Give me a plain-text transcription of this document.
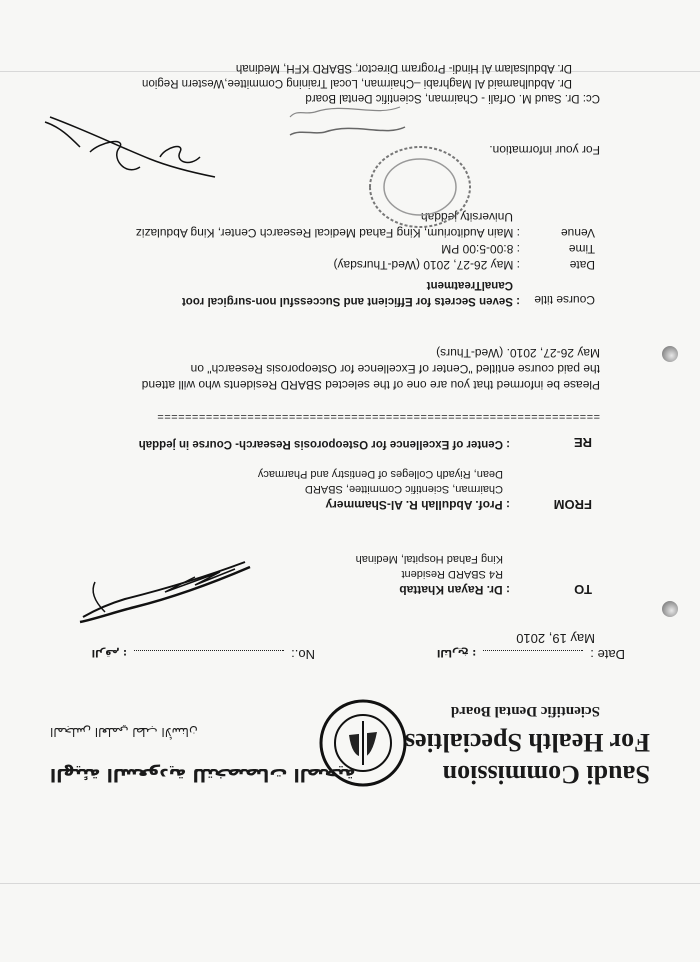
Saudi Commission
For Health Specialties
Scientific Dental Board
الهيئة السعودية للتخصصات الصحية
المجلس العلمي لطب الأسنان
Date :  : التاريخ
No.:  : الرقم
May 19, 2010
TO
: Dr. Rayan Khattab
R4 SBARD Resident
King Fahad Hospital, Medinah
FROM
: Prof. Abdullah R. Al-Shammery
Chairman, Scientific Committee, SBARD
Dean, Riyadh Colleges of Dentistry and Pharmacy
RE
: Center of Excellence for Osteoporosis Research- Course in jeddah
================================================================
Please be informed that you are one of the selected SBARD Residents who will attend
the paid course entitled "Center of Excellence for Osteoporosis Research" on
May 26-27, 2010. (Wed-Thurs)
Course title
: Seven Secrets for Efficient and Successful non-surgical root
CanalTreatment
Date
: May 26-27, 2010 (Wed-Thursday)
Time
: 8:00-5:00 PM
Venue
: Main Auditorium, King Fahad Medical Research Center, King Abdulaziz
University jeddah
For your information.
Cc: Dr. Saud M. Orfali - Chairman, Scientific Dental Board
Dr. Abdulhamaid Al Maghrabi –Chairman, Local Training Committee,Western Region
Dr. Abdulsalam Al Hindi- Program Director, SBARD KFH, Medinah
